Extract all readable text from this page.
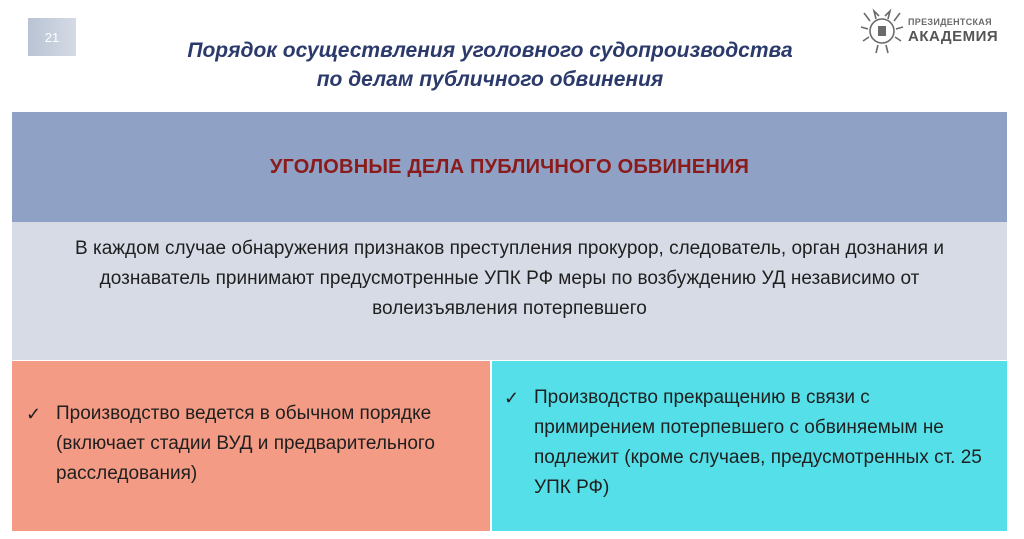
21
ПРЕЗИДЕНТСКАЯ
АКАДЕМИЯ
Порядок осуществления уголовного судопроизводства
по делам публичного обвинения
УГОЛОВНЫЕ ДЕЛА ПУБЛИЧНОГО ОБВИНЕНИЯ

В каждом случае обнаружения признаков преступления прокурор, следователь, орган дознания и дознаватель принимают предусмотренные УПК РФ меры по возбуждению УД независимо от волеизъявления потерпевшего

✓ Производство ведется в обычном порядке (включает стадии ВУД и предварительного расследования)
✓ Производство прекращению в связи с примирением потерпевшего с обвиняемым не подлежит (кроме случаев, предусмотренных ст. 25 УПК РФ)
